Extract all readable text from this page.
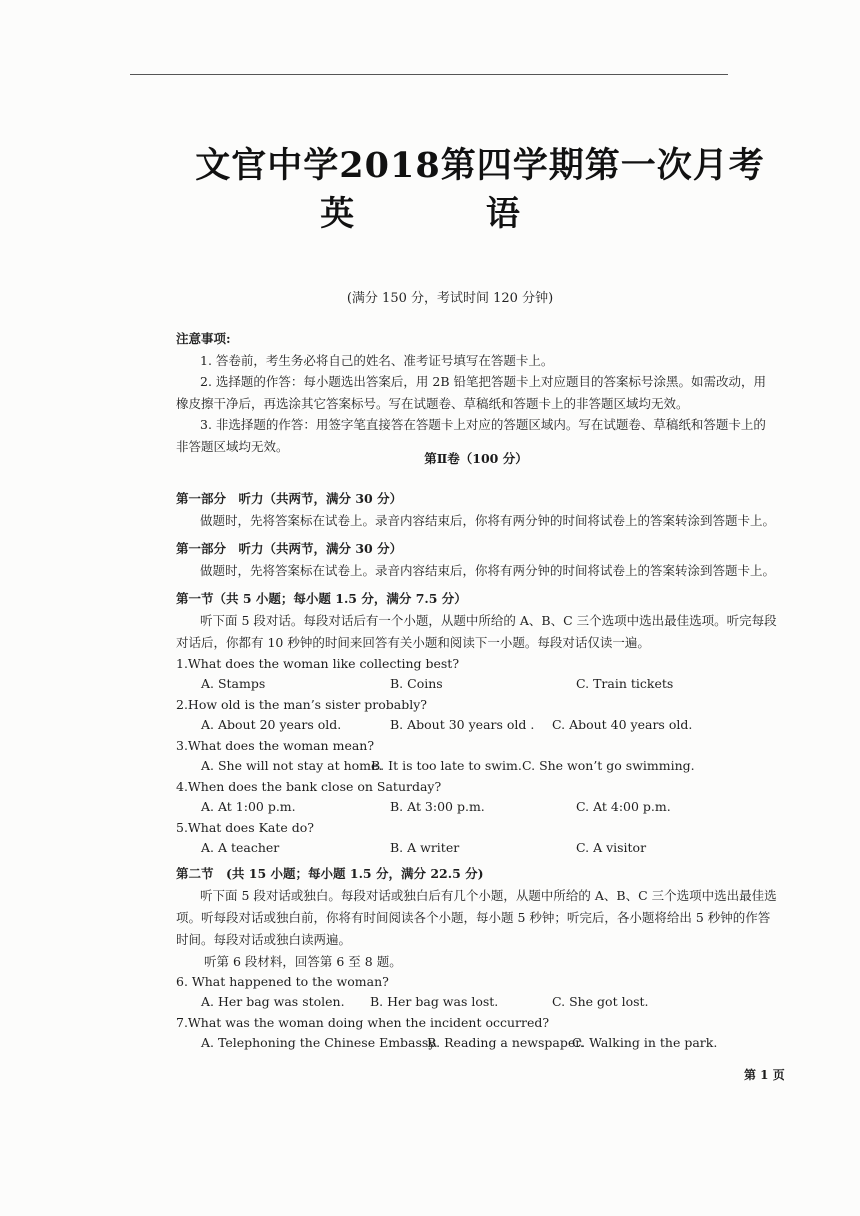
文官中学2018第四学期第一次月考
英 语
(满分 150 分，考试时间 120 分钟)
注意事项:
1. 答卷前，考生务必将自己的姓名、准考证号填写在答题卡上。
2. 选择题的作答：每小题选出答案后，用 2B 铅笔把答题卡上对应题目的答案标号涂黑。如需改动，用橡皮擦干净后，再选涂其它答案标号。写在试题卷、草稿纸和答题卡上的非答题区域均无效。
3. 非选择题的作答：用签字笔直接答在答题卡上对应的答题区域内。写在试题卷、草稿纸和答题卡上的非答题区域均无效。
第Ⅱ卷（100 分）
第一部分　听力（共两节，满分 30 分）
做题时，先将答案标在试卷上。录音内容结束后，你将有两分钟的时间将试卷上的答案转涂到答题卡上。
第一部分　听力（共两节，满分 30 分）
做题时，先将答案标在试卷上。录音内容结束后，你将有两分钟的时间将试卷上的答案转涂到答题卡上。
第一节（共 5 小题；每小题 1.5 分，满分 7.5 分）
听下面 5 段对话。每段对话后有一个小题，从题中所给的 A、B、C 三个选项中选出最佳选项。听完每段对话后，你都有 10 秒钟的时间来回答有关小题和阅读下一小题。每段对话仅读一遍。
1.What does the woman like collecting best?
A. Stamps	B. Coins	C. Train tickets
2.How old is the man’s sister probably?
A. About 20 years old.	B. About 30 years old . C. About 40 years old.
3.What does the woman mean?
A. She will not stay at home.
B. It is too late to swim. C. She won’t go swimming.
4.When does the bank close on Saturday?
A. At 1:00 p.m.	B. At 3:00 p.m.	C. At 4:00 p.m.
5.What does Kate do?
A. A teacher	B. A writer	C. A visitor
第二节　(共 15 小题；每小题 1.5 分，满分 22.5 分)
听下面 5 段对话或独白。每段对话或独白后有几个小题，从题中所给的 A、B、C 三个选项中选出最佳选项。听每段对话或独白前，你将有时间阅读各个小题，每小题 5 秒钟；听完后，各小题将给出 5 秒钟的作答时间。每段对话或独白读两遍。
听第 6 段材料，回答第 6 至 8 题。
6. What happened to the woman?
A. Her bag was stolen. B. Her bag was lost.	C. She got lost.
7.What was the woman doing when the incident occurred?
A. Telephoning the Chinese Embassy.
B. Reading a newspaper.
C. Walking in the park.
第 1 页
